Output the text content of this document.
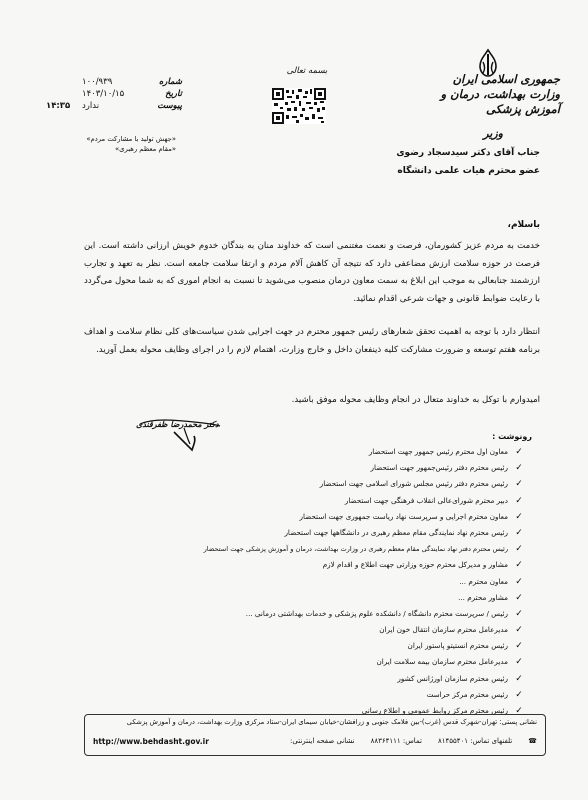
جمهوری اسلامی ایران
وزارت بهداشت، درمان و آموزش پزشکی
وزیر
بسمه تعالی
شماره
۱۰۰/۹۳۹
تاریخ
۱۴۰۳/۱۰/۱۵
پیوست
ندارد
۱۴:۳۵
«جهش تولید با مشارکت مردم»
«مقام معظم رهبری»	جناب آقای دکتر سیدسجاد رضوی
عضو محترم هیات علمی دانشگاه
باسلام،
خدمت به مردم عزیز کشورمان، فرصت و نعمت مغتنمی است که خداوند منان به بندگان خدوم خویش ارزانی داشته است. این فرصت در حوزه سلامت ارزش مضاعفی دارد که نتیجه آن کاهش آلام مردم و ارتقا سلامت جامعه است. نظر به تعهد و تجارب ارزشمند جنابعالی به موجب این ابلاغ به سمت معاون درمان منصوب می‌شوید تا نسبت به انجام اموری که به شما محول می‌گردد با رعایت ضوابط قانونی و جهات شرعی اقدام نمائید.
انتظار دارد با توجه به اهمیت تحقق شعارهای رئیس جمهور محترم در جهت اجرایی شدن سیاست‌های کلی نظام سلامت و اهداف برنامه هفتم توسعه و ضرورت مشارکت کلیه ذینفعان داخل و خارج وزارت، اهتمام لازم را در اجرای وظایف محوله بعمل آورید.
امیدوارم با توکل به خداوند متعال در انجام وظایف محوله موفق باشید.
دکتر محمدرضا ظفرقندی
رونوشت :
✓
معاون اول محترم رئیس جمهور جهت استحضار
✓
رئیس محترم دفتر رئیس‌جمهور جهت استحضار
✓
رئیس محترم دفتر رئیس مجلس شورای اسلامی جهت استحضار
✓
دبیر محترم شورای‌عالی انقلاب فرهنگی جهت استحضار
✓
معاون محترم اجرایی و سرپرست نهاد ریاست جمهوری جهت استحضار
✓
رئیس محترم نهاد نمایندگی مقام معظم رهبری در دانشگاهها جهت استحضار
✓
رئیس محترم دفتر نهاد نمایندگی مقام معظم رهبری در وزارت بهداشت، درمان و آموزش پزشکی جهت استحضار
✓
مشاور و مدیرکل محترم حوزه وزارتی جهت اطلاع و اقدام لازم
✓
معاون محترم ...
✓
مشاور محترم ...
✓
رئیس / سرپرست محترم دانشگاه / دانشکده علوم پزشکی و خدمات بهداشتی درمانی ...
✓
مدیرعامل محترم سازمان انتقال خون ایران
✓
رئیس محترم انستیتو پاستور ایران
✓
مدیرعامل محترم سازمان بیمه سلامت ایران
✓
رئیس محترم سازمان اورژانس کشور
✓
رئیس محترم مرکز حراست
✓
رئیس محترم مرکز روابط عمومی و اطلاع رسانی
نشانی پستی: تهران-شهرک قدس (غرب)-بین فلامک جنوبی و زرافشان-خیابان سیمای ایران-ستاد مرکزی وزارت بهداشت، درمان و آموزش پزشکی
☎
تلفنهای تماس: ۸۱۴۵۵۴۰۱
تماس: ۸۸۳۶۴۱۱۱
نشانی صفحه اینترنتی:
http://www.behdasht.gov.ir
